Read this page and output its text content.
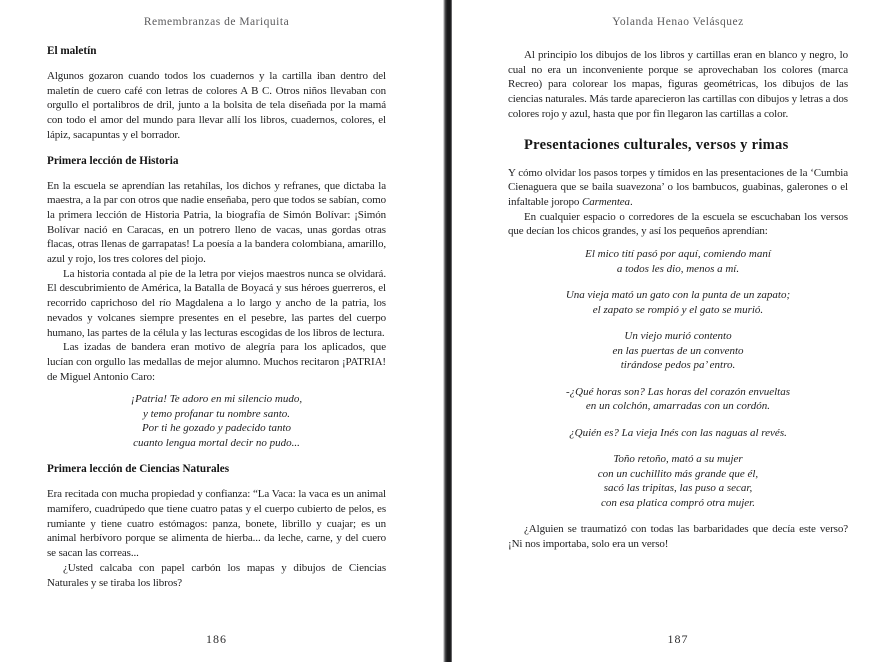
Remembranzas de Mariquita
El maletín

Algunos gozaron cuando todos los cuadernos y la cartilla iban dentro del maletín de cuero café con letras de colores A B C. Otros niños llevaban con orgullo el portalibros de dril, junto a la bolsita de tela diseñada por la mamá con todo el amor del mundo para llevar allí los libros, cuadernos, colores, el lápiz, sacapuntas y el borrador.

Primera lección de Historia

En la escuela se aprendían las retahílas, los dichos y refranes, que dictaba la maestra, a la par con otros que nadie enseñaba, pero que todos se sabían, como la primera lección de Historia Patria, la biografía de Simón Bolívar: ¡Simón Bolívar nació en Caracas, en un potrero lleno de vacas, unas gordas otras flacas, otras llenas de garrapatas! La poesía a la bandera colombiana, amarillo, azul y rojo, los tres colores del piojo.

La historia contada al pie de la letra por viejos maestros nunca se olvidará. El descubrimiento de América, la Batalla de Boyacá y sus héroes guerreros, el recorrido caprichoso del río Magdalena a lo largo y ancho de la patria, los nevados y volcanes siempre presentes en el pesebre, las partes del cuerpo humano, las partes de la célula y las lecturas escogidas de los libros de lectura.

Las izadas de bandera eran motivo de alegría para los aplicados, que lucían con orgullo las medallas de mejor alumno. Muchos recitaron ¡PATRIA! de Miguel Antonio Caro:

¡Patria! Te adoro en mi silencio mudo,
y temo profanar tu nombre santo.
Por ti he gozado y padecido tanto
cuanto lengua mortal decir no pudo...
Primera lección de Ciencias Naturales

Era recitada con mucha propiedad y confianza: “La Vaca: la vaca es un animal mamífero, cuadrúpedo que tiene cuatro patas y el cuerpo cubierto de pelos, es rumiante y tiene cuatro estómagos: panza, bonete, librillo y cuajar; es un animal herbívoro porque se alimenta de hierba... da leche, carne, y del cuero se sacan las correas...

¿Usted calcaba con papel carbón los mapas y dibujos de Ciencias Naturales y se tiraba los libros?

186
Yolanda Henao Velásquez

Al principio los dibujos de los libros y cartillas eran en blanco y negro, lo cual no era un inconveniente porque se aprovechaban los colores (marca Recreo) para colorear los mapas, figuras geométricas, los dibujos de las ciencias naturales. Más tarde aparecieron las cartillas con dibujos y letras a dos colores rojo y azul, hasta que por fin llegaron las cartillas a color.

Presentaciones culturales, versos y rimas

Y cómo olvidar los pasos torpes y tímidos en las presentaciones de la ‘Cumbia Cienaguera que se baila suavezona’ o los bambucos, guabinas, galerones o el infaltable joropo Carmentea.

En cualquier espacio o corredores de la escuela se escuchaban los versos que decían los chicos grandes, y así los pequeños aprendían:

El mico tití pasó por aquí, comiendo maní
a todos les dio, menos a mí.
Una vieja mató un gato con la punta de un zapato;
el zapato se rompió y el gato se murió.
Un viejo murió contento
en las puertas de un convento
tirándose pedos pa’ entro.
-¿Qué horas son? Las horas del corazón envueltas
en un colchón, amarradas con un cordón.
¿Quién es? La vieja Inés con las naguas al revés.
Toño retoño, mató a su mujer
con un cuchillito más grande que él,
sacó las tripitas, las puso a secar,
con esa platica compró otra mujer.

¿Alguien se traumatizó con todas las barbaridades que decía este verso? ¡Ni nos importaba, solo era un verso!

187
